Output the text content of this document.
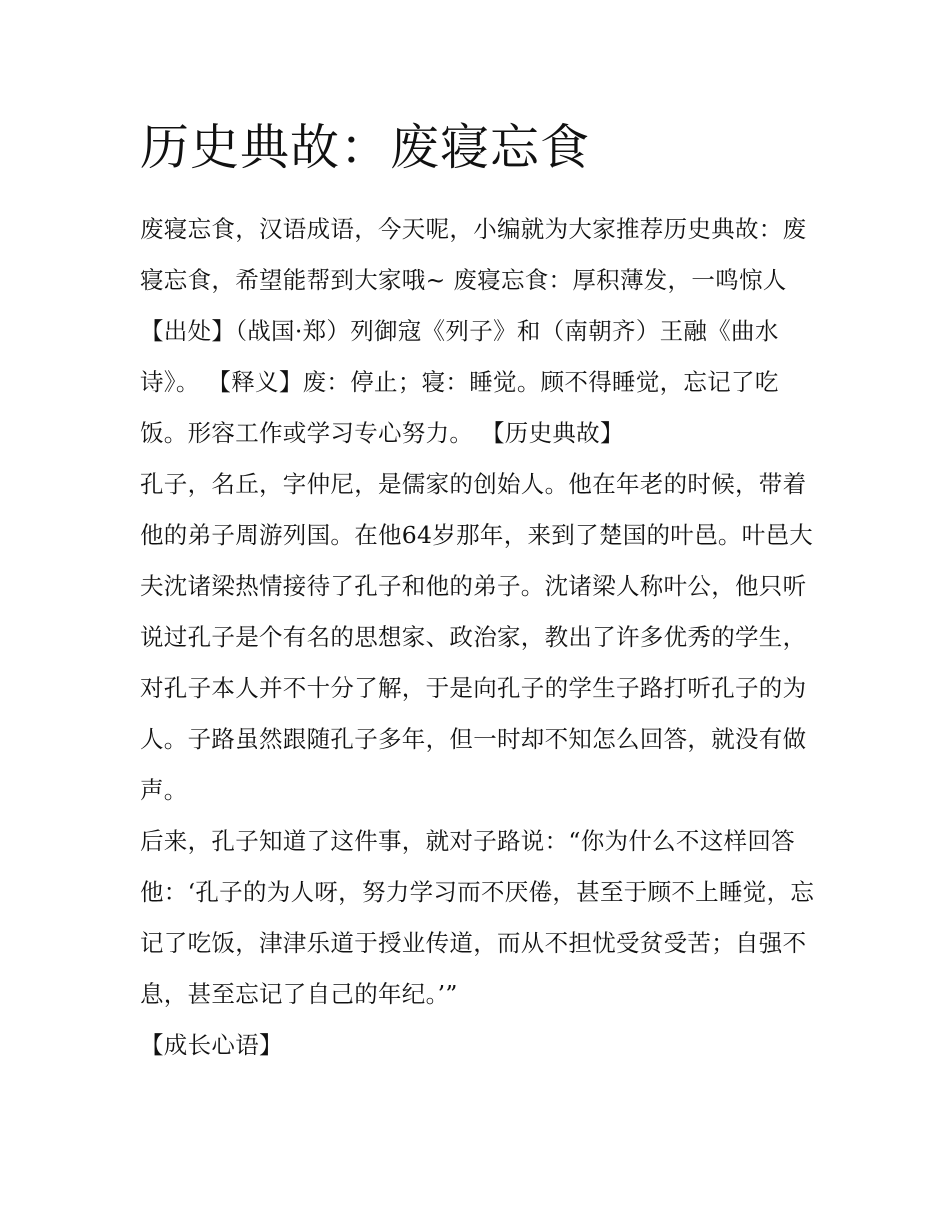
历史典故：废寝忘食

废寝忘食，汉语成语，今天呢，小编就为大家推荐历史典故：废寝忘食，希望能帮到大家哦~ 废寝忘食：厚积薄发，一鸣惊人

【出处】（战国·郑）列御寇《列子》和（南朝齐）王融《曲水诗》。 【释义】废：停止；寝：睡觉。顾不得睡觉，忘记了吃饭。形容工作或学习专心努力。 【历史典故】

孔子，名丘，字仲尼，是儒家的创始人。他在年老的时候，带着他的弟子周游列国。在他64岁那年，来到了楚国的叶邑。叶邑大夫沈诸梁热情接待了孔子和他的弟子。沈诸梁人称叶公，他只听说过孔子是个有名的思想家、政治家，教出了许多优秀的学生，对孔子本人并不十分了解，于是向孔子的学生子路打听孔子的为人。子路虽然跟随孔子多年，但一时却不知怎么回答，就没有做声。

后来，孔子知道了这件事，就对子路说：“你为什么不这样回答他：‘孔子的为人呀，努力学习而不厌倦，甚至于顾不上睡觉，忘记了吃饭，津津乐道于授业传道，而从不担忧受贫受苦；自强不息，甚至忘记了自己的年纪。’”

【成长心语】
